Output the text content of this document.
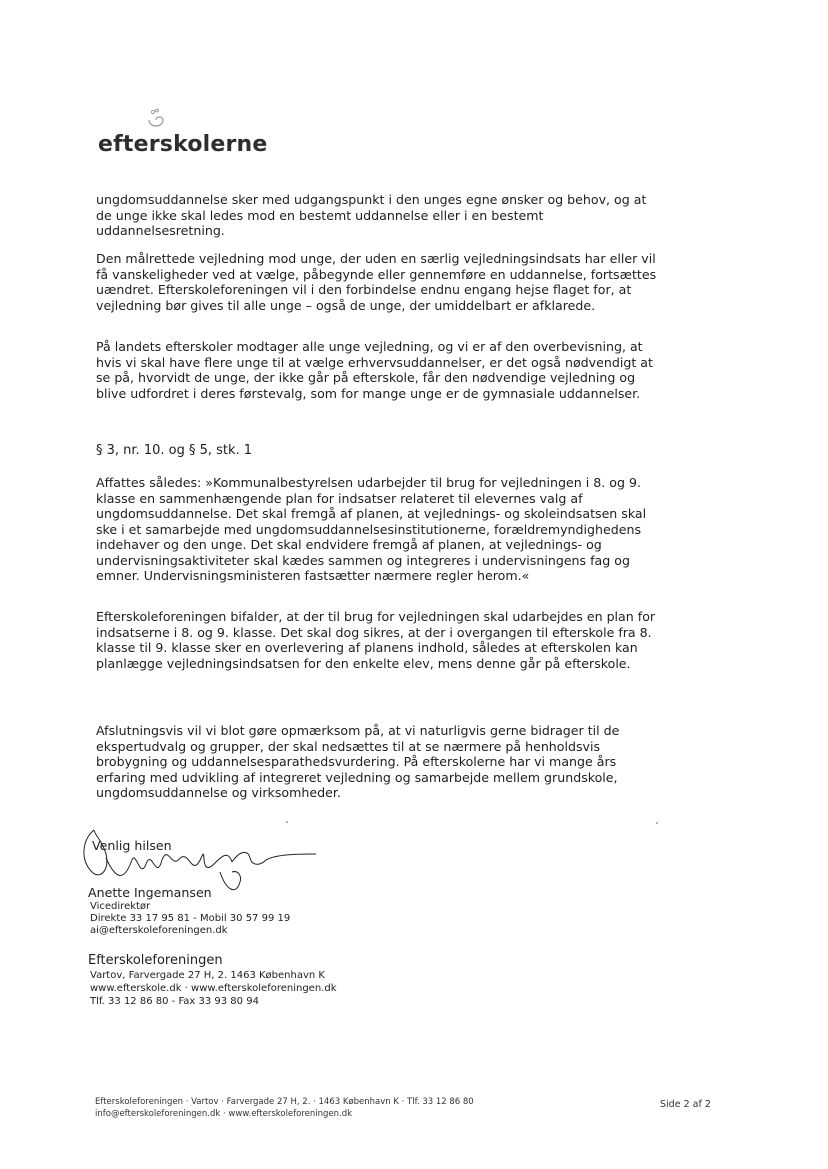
efterskolerne

ungdomsuddannelse sker med udgangspunkt i den unges egne ønsker og behov, og at de unge ikke skal ledes mod en bestemt uddannelse eller i en bestemt uddannelsesretning.

Den målrettede vejledning mod unge, der uden en særlig vejledningsindsats har eller vil få vanskeligheder ved at vælge, påbegynde eller gennemføre en uddannelse, fortsættes uændret. Efterskoleforeningen vil i den forbindelse endnu engang hejse flaget for, at vejledning bør gives til alle unge – også de unge, der umiddelbart er afklarede.

På landets efterskoler modtager alle unge vejledning, og vi er af den overbevisning, at hvis vi skal have flere unge til at vælge erhvervsuddannelser, er det også nødvendigt at se på, hvorvidt de unge, der ikke går på efterskole, får den nødvendige vejledning og blive udfordret i deres førstevalg, som for mange unge er de gymnasiale uddannelser.

§ 3, nr. 10. og § 5, stk. 1

Affattes således: »Kommunalbestyrelsen udarbejder til brug for vejledningen i 8. og 9. klasse en sammenhængende plan for indsatser relateret til elevernes valg af ungdomsuddannelse. Det skal fremgå af planen, at vejlednings- og skoleindsatsen skal ske i et samarbejde med ungdomsuddannelsesinstitutionerne, forældremyndighedens indehaver og den unge. Det skal endvidere fremgå af planen, at vejlednings- og undervisningsaktiviteter skal kædes sammen og integreres i undervisningens fag og emner. Undervisningsministeren fastsætter nærmere regler herom.«

Efterskoleforeningen bifalder, at der til brug for vejledningen skal udarbejdes en plan for indsatserne i 8. og 9. klasse. Det skal dog sikres, at der i overgangen til efterskole fra 8. klasse til 9. klasse sker en overlevering af planens indhold, således at efterskolen kan planlægge vejledningsindsatsen for den enkelte elev, mens denne går på efterskole.

Afslutningsvis vil vi blot gøre opmærksom på, at vi naturligvis gerne bidrager til de ekspertudvalg og grupper, der skal nedsættes til at se nærmere på henholdsvis brobygning og uddannelsesparathedsvurdering. På efterskolerne har vi mange års erfaring med udvikling af integreret vejledning og samarbejde mellem grundskole, ungdomsuddannelse og virksomheder.

Venlig hilsen
Anette Ingemansen
Vicedirektør
Direkte 33 17 95 81 - Mobil 30 57 99 19
ai@efterskoleforeningen.dk
Efterskoleforeningen
Vartov, Farvergade 27 H, 2. 1463 København K
www.efterskole.dk · www.efterskoleforeningen.dk
Tlf. 33 12 86 80 - Fax 33 93 80 94
Efterskoleforeningen · Vartov · Farvergade 27 H, 2. · 1463 København K · Tlf. 33 12 86 80
info@efterskoleforeningen.dk · www.efterskoleforeningen.dk
Side 2 af 2
